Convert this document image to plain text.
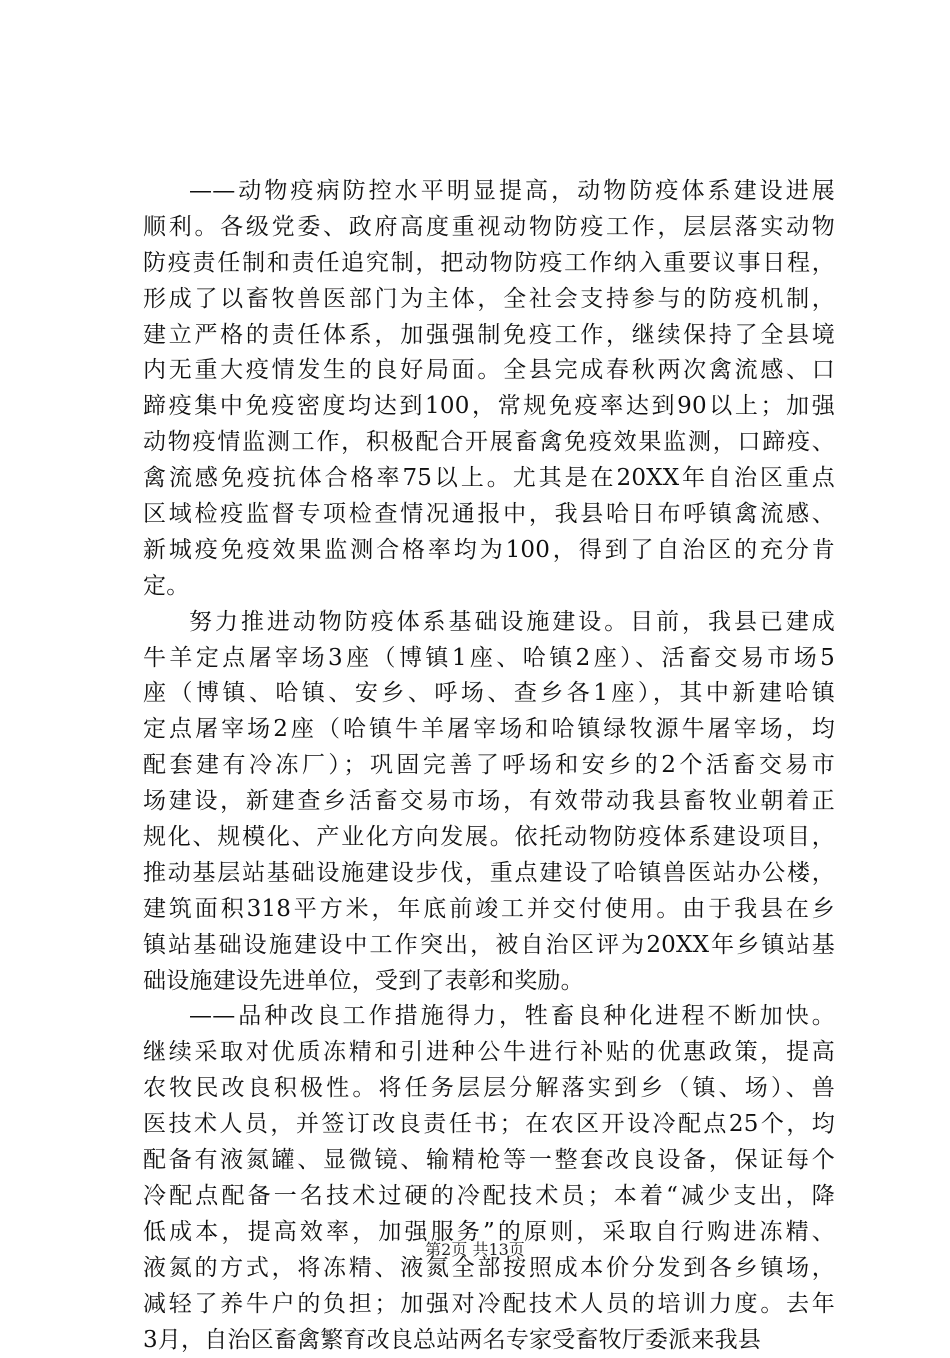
——动物疫病防控水平明显提高，动物防疫体系建设进展
顺利。各级党委、政府高度重视动物防疫工作，层层落实动物
防疫责任制和责任追究制，把动物防疫工作纳入重要议事日程，
形成了以畜牧兽医部门为主体，全社会支持参与的防疫机制，
建立严格的责任体系，加强强制免疫工作，继续保持了全县境
内无重大疫情发生的良好局面。全县完成春秋两次禽流感、口
蹄疫集中免疫密度均达到100，常规免疫率达到90以上；加强
动物疫情监测工作，积极配合开展畜禽免疫效果监测，口蹄疫、
禽流感免疫抗体合格率75以上。尤其是在20XX年自治区重点
区域检疫监督专项检查情况通报中，我县哈日布呼镇禽流感、
新城疫免疫效果监测合格率均为100，得到了自治区的充分肯
定。
努力推进动物防疫体系基础设施建设。目前，我县已建成
牛羊定点屠宰场3座（博镇1座、哈镇2座）、活畜交易市场5
座（博镇、哈镇、安乡、呼场、查乡各1座），其中新建哈镇
定点屠宰场2座（哈镇牛羊屠宰场和哈镇绿牧源牛屠宰场，均
配套建有冷冻厂）；巩固完善了呼场和安乡的2个活畜交易市
场建设，新建查乡活畜交易市场，有效带动我县畜牧业朝着正
规化、规模化、产业化方向发展。依托动物防疫体系建设项目，
推动基层站基础设施建设步伐，重点建设了哈镇兽医站办公楼，
建筑面积318平方米，年底前竣工并交付使用。由于我县在乡
镇站基础设施建设中工作突出，被自治区评为20XX年乡镇站基
础设施建设先进单位，受到了表彰和奖励。
——品种改良工作措施得力，牲畜良种化进程不断加快。
继续采取对优质冻精和引进种公牛进行补贴的优惠政策，提高
农牧民改良积极性。将任务层层分解落实到乡（镇、场）、兽
医技术人员，并签订改良责任书；在农区开设冷配点25个，均
配备有液氮罐、显微镜、输精枪等一整套改良设备，保证每个
冷配点配备一名技术过硬的冷配技术员；本着“减少支出，降
低成本，提高效率，加强服务”的原则，采取自行购进冻精、
液氮的方式，将冻精、液氮全部按照成本价分发到各乡镇场，
减轻了养牛户的负担；加强对冷配技术人员的培训力度。去年
3月，自治区畜禽繁育改良总站两名专家受畜牧厅委派来我县
第2页 共13页
